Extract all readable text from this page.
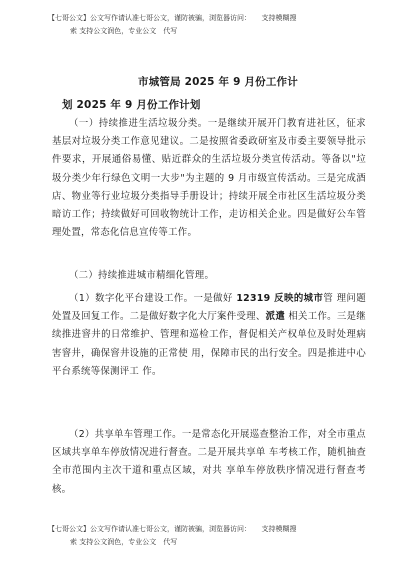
【七哥公文】公文写作请认准七哥公文，谨防被骗，浏览器访问：　　支持模糊搜
索 支持公文润色，专业公文　代写
市城管局 2025 年 9 月份工作计
划 2025 年 9 月份工作计划
（一）持续推进生活垃圾分类。一是继续开展开门教育进社区，征求基层对垃圾分类工作意见建议。二是按照省委政研室及市委主要领导批示件要求，开展通俗易懂、贴近群众的生活垃圾分类宣传活动。等备以"垃圾分类少年行绿色文明一大步"为主题的 9 月市级宣传活动。三是完成酒店、物业等行业垃圾分类指导手册设计；持续开展全市社区生活垃圾分类暗访工作；持续做好可回收物统计工作，走访相关企业。四是做好公车管理处置，常态化信息宣传等工作。
（二）持续推进城市精细化管理。
（1）数字化平台建设工作。一是做好 12319 反映的城市管 理问题处置及回复工作。二是做好数字化大厅案件受理、派遣 相关工作。三是继续推进窨井的日常维护、管理和巡检工作，督促相关产权单位及时处理病害窨井，确保窨井设施的正常使 用，保障市民的出行安全。四是推进中心平台系统等保测评工 作。
（2）共享单车管理工作。一是常态化开展巡查整治工作，对全市重点区域共享单车停放情况进行督查。二是开展共享单 车考核工作，随机抽查全市范围内主次干道和重点区域，对共 享单车停放秩序情况进行督查考核。
【七哥公文】公文写作请认准七哥公文，谨防被骗，浏览器访问：　　支持模糊搜
索 支持公文润色，专业公文　代写
